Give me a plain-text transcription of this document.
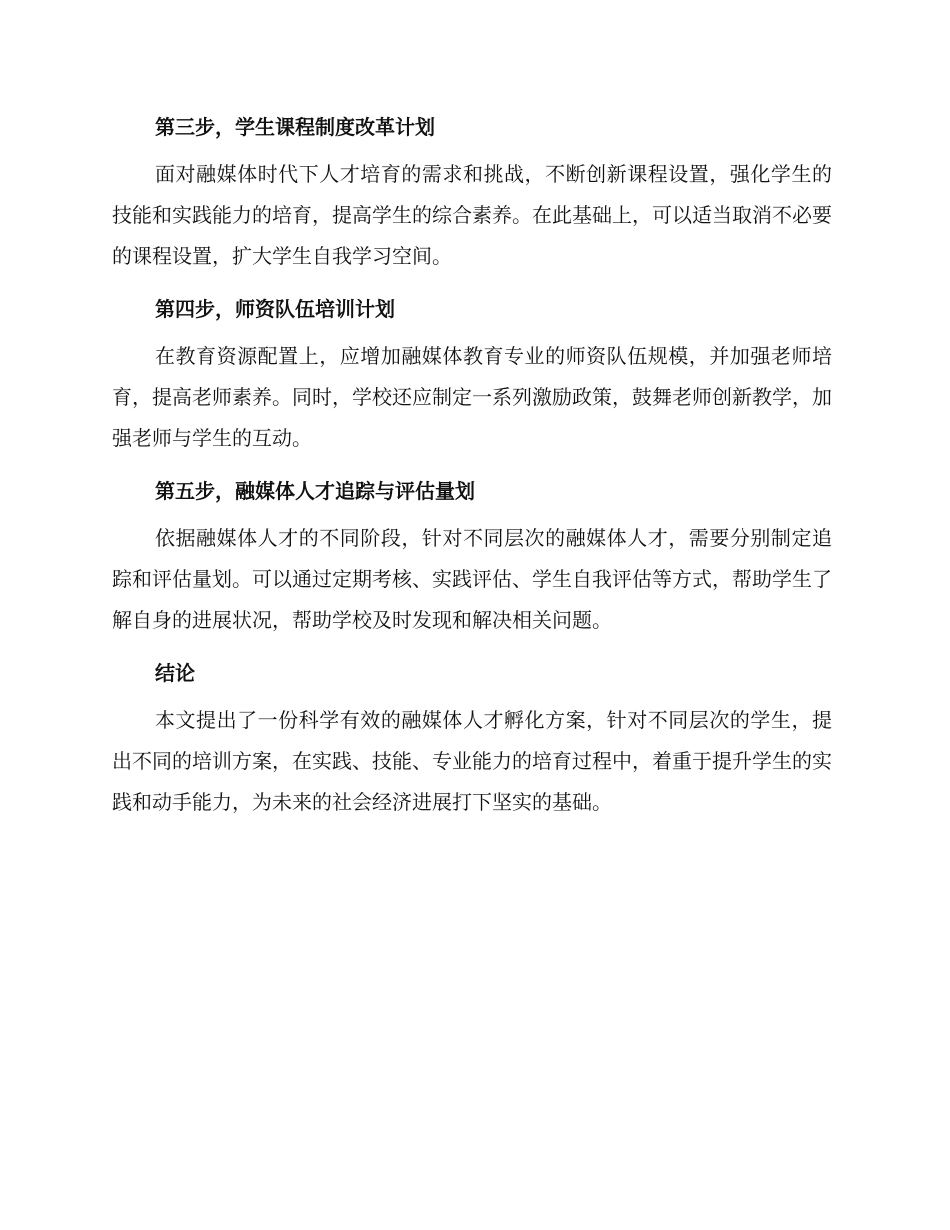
第三步，学生课程制度改革计划

面对融媒体时代下人才培育的需求和挑战，不断创新课程设置，强化学生的技能和实践能力的培育，提高学生的综合素养。在此基础上，可以适当取消不必要的课程设置，扩大学生自我学习空间。

第四步，师资队伍培训计划

在教育资源配置上，应增加融媒体教育专业的师资队伍规模，并加强老师培育，提高老师素养。同时，学校还应制定一系列激励政策，鼓舞老师创新教学，加强老师与学生的互动。

第五步，融媒体人才追踪与评估量划

依据融媒体人才的不同阶段，针对不同层次的融媒体人才，需要分别制定追踪和评估量划。可以通过定期考核、实践评估、学生自我评估等方式，帮助学生了解自身的进展状况，帮助学校及时发现和解决相关问题。

结论

本文提出了一份科学有效的融媒体人才孵化方案，针对不同层次的学生，提出不同的培训方案，在实践、技能、专业能力的培育过程中，着重于提升学生的实践和动手能力，为未来的社会经济进展打下坚实的基础。
